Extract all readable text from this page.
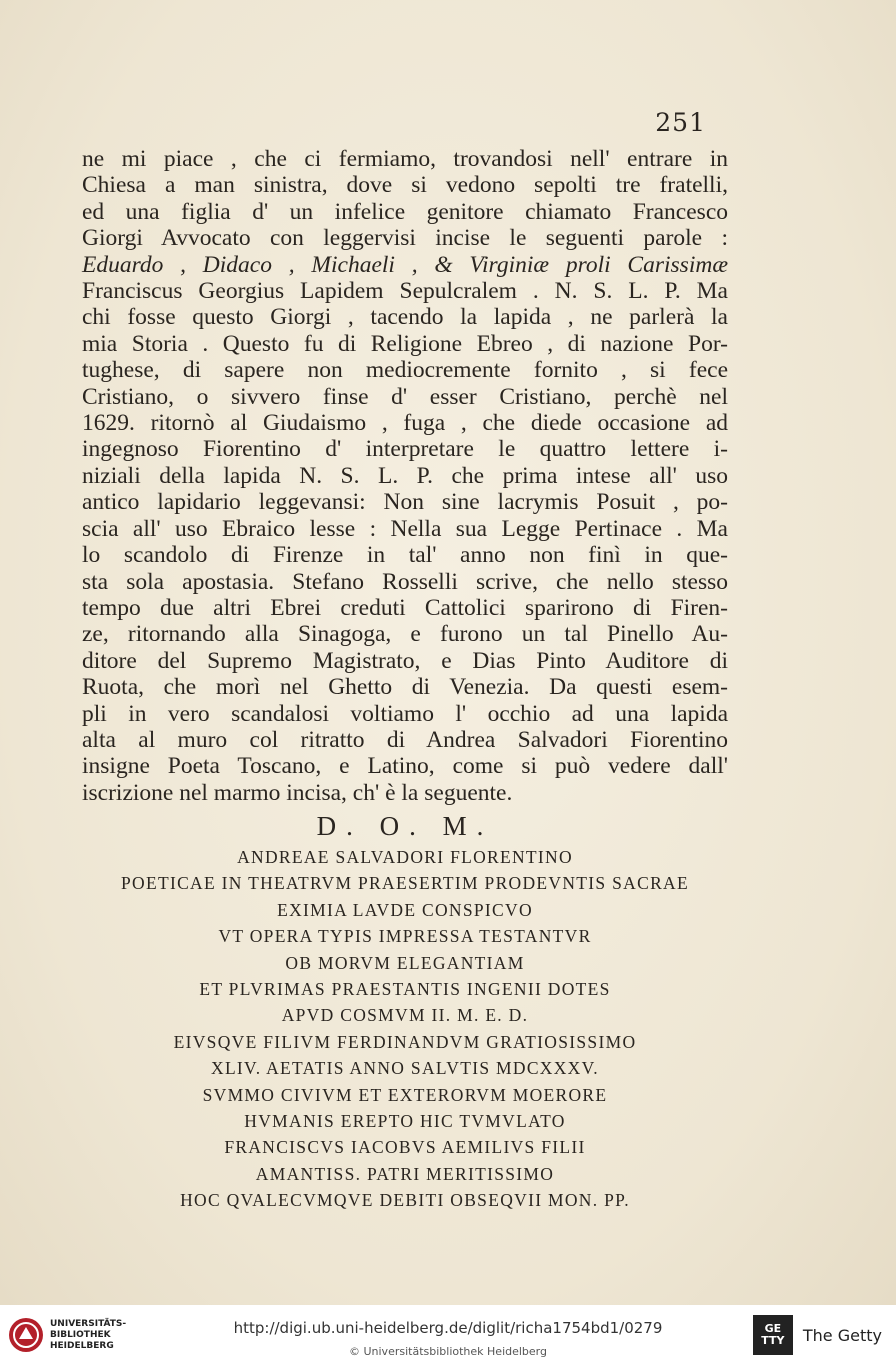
251
ne mi piace , che ci fermiamo, trovandosi nell' entrare in
Chiesa a man sinistra, dove si vedono sepolti tre fratelli,
ed una figlia d' un infelice genitore chiamato Francesco
Giorgi Avvocato con leggervisi incise le seguenti parole :
Eduardo , Didaco , Michaeli , & Virginiæ proli Carissimæ
Franciscus Georgius Lapidem Sepulcralem . N. S. L. P. Ma
chi fosse questo Giorgi , tacendo la lapida , ne parlerà la
mia Storia . Questo fu di Religione Ebreo , di nazione Por-
tughese, di sapere non mediocremente fornito , si fece
Cristiano, o sivvero finse d' esser Cristiano, perchè nel
1629. ritornò al Giudaismo , fuga , che diede occasione ad
ingegnoso Fiorentino d' interpretare le quattro lettere i-
niziali della lapida N. S. L. P. che prima intese all' uso
antico lapidario leggevansi: Non sine lacrymis Posuit , po-
scia all' uso Ebraico lesse : Nella sua Legge Pertinace . Ma
lo scandolo di Firenze in tal' anno non finì in que-
sta sola apostasia. Stefano Rosselli scrive, che nello stesso
tempo due altri Ebrei creduti Cattolici sparirono di Firen-
ze, ritornando alla Sinagoga, e furono un tal Pinello Au-
ditore del Supremo Magistrato, e Dias Pinto Auditore di
Ruota, che morì nel Ghetto di Venezia. Da questi esem-
pli in vero scandalosi voltiamo l' occhio ad una lapida
alta al muro col ritratto di Andrea Salvadori Fiorentino
insigne Poeta Toscano, e Latino, come si può vedere dall'
iscrizione nel marmo incisa, ch' è la seguente.
D. O. M.
ANDREAE SALVADORI FLORENTINO
POETICAE IN THEATRVM PRAESERTIM PRODEVNTIS SACRAE
EXIMIA LAVDE CONSPICVO
VT OPERA TYPIS IMPRESSA TESTANTVR
OB MORVM ELEGANTIAM
ET PLVRIMAS PRAESTANTIS INGENII DOTES
APVD COSMVM II. M. E. D.
EIVSQVE FILIVM FERDINANDVM GRATIOSISSIMO
XLIV. AETATIS ANNO SALVTIS MDCXXXV.
SVMMO CIVIVM ET EXTERORVM MOERORE
HVMANIS EREPTO HIC TVMVLATO
FRANCISCVS IACOBVS AEMILIVS FILII
AMANTISS. PATRI MERITISSIMO
HOC QVALECVMQVE DEBITI OBSEQVII MON. PP.
UNIVERSITÄTS-
BIBLIOTHEK
HEIDELBERG
http://digi.ub.uni-heidelberg.de/diglit/richa1754bd1/0279
© Universitätsbibliothek Heidelberg
GE TTY	The Getty
